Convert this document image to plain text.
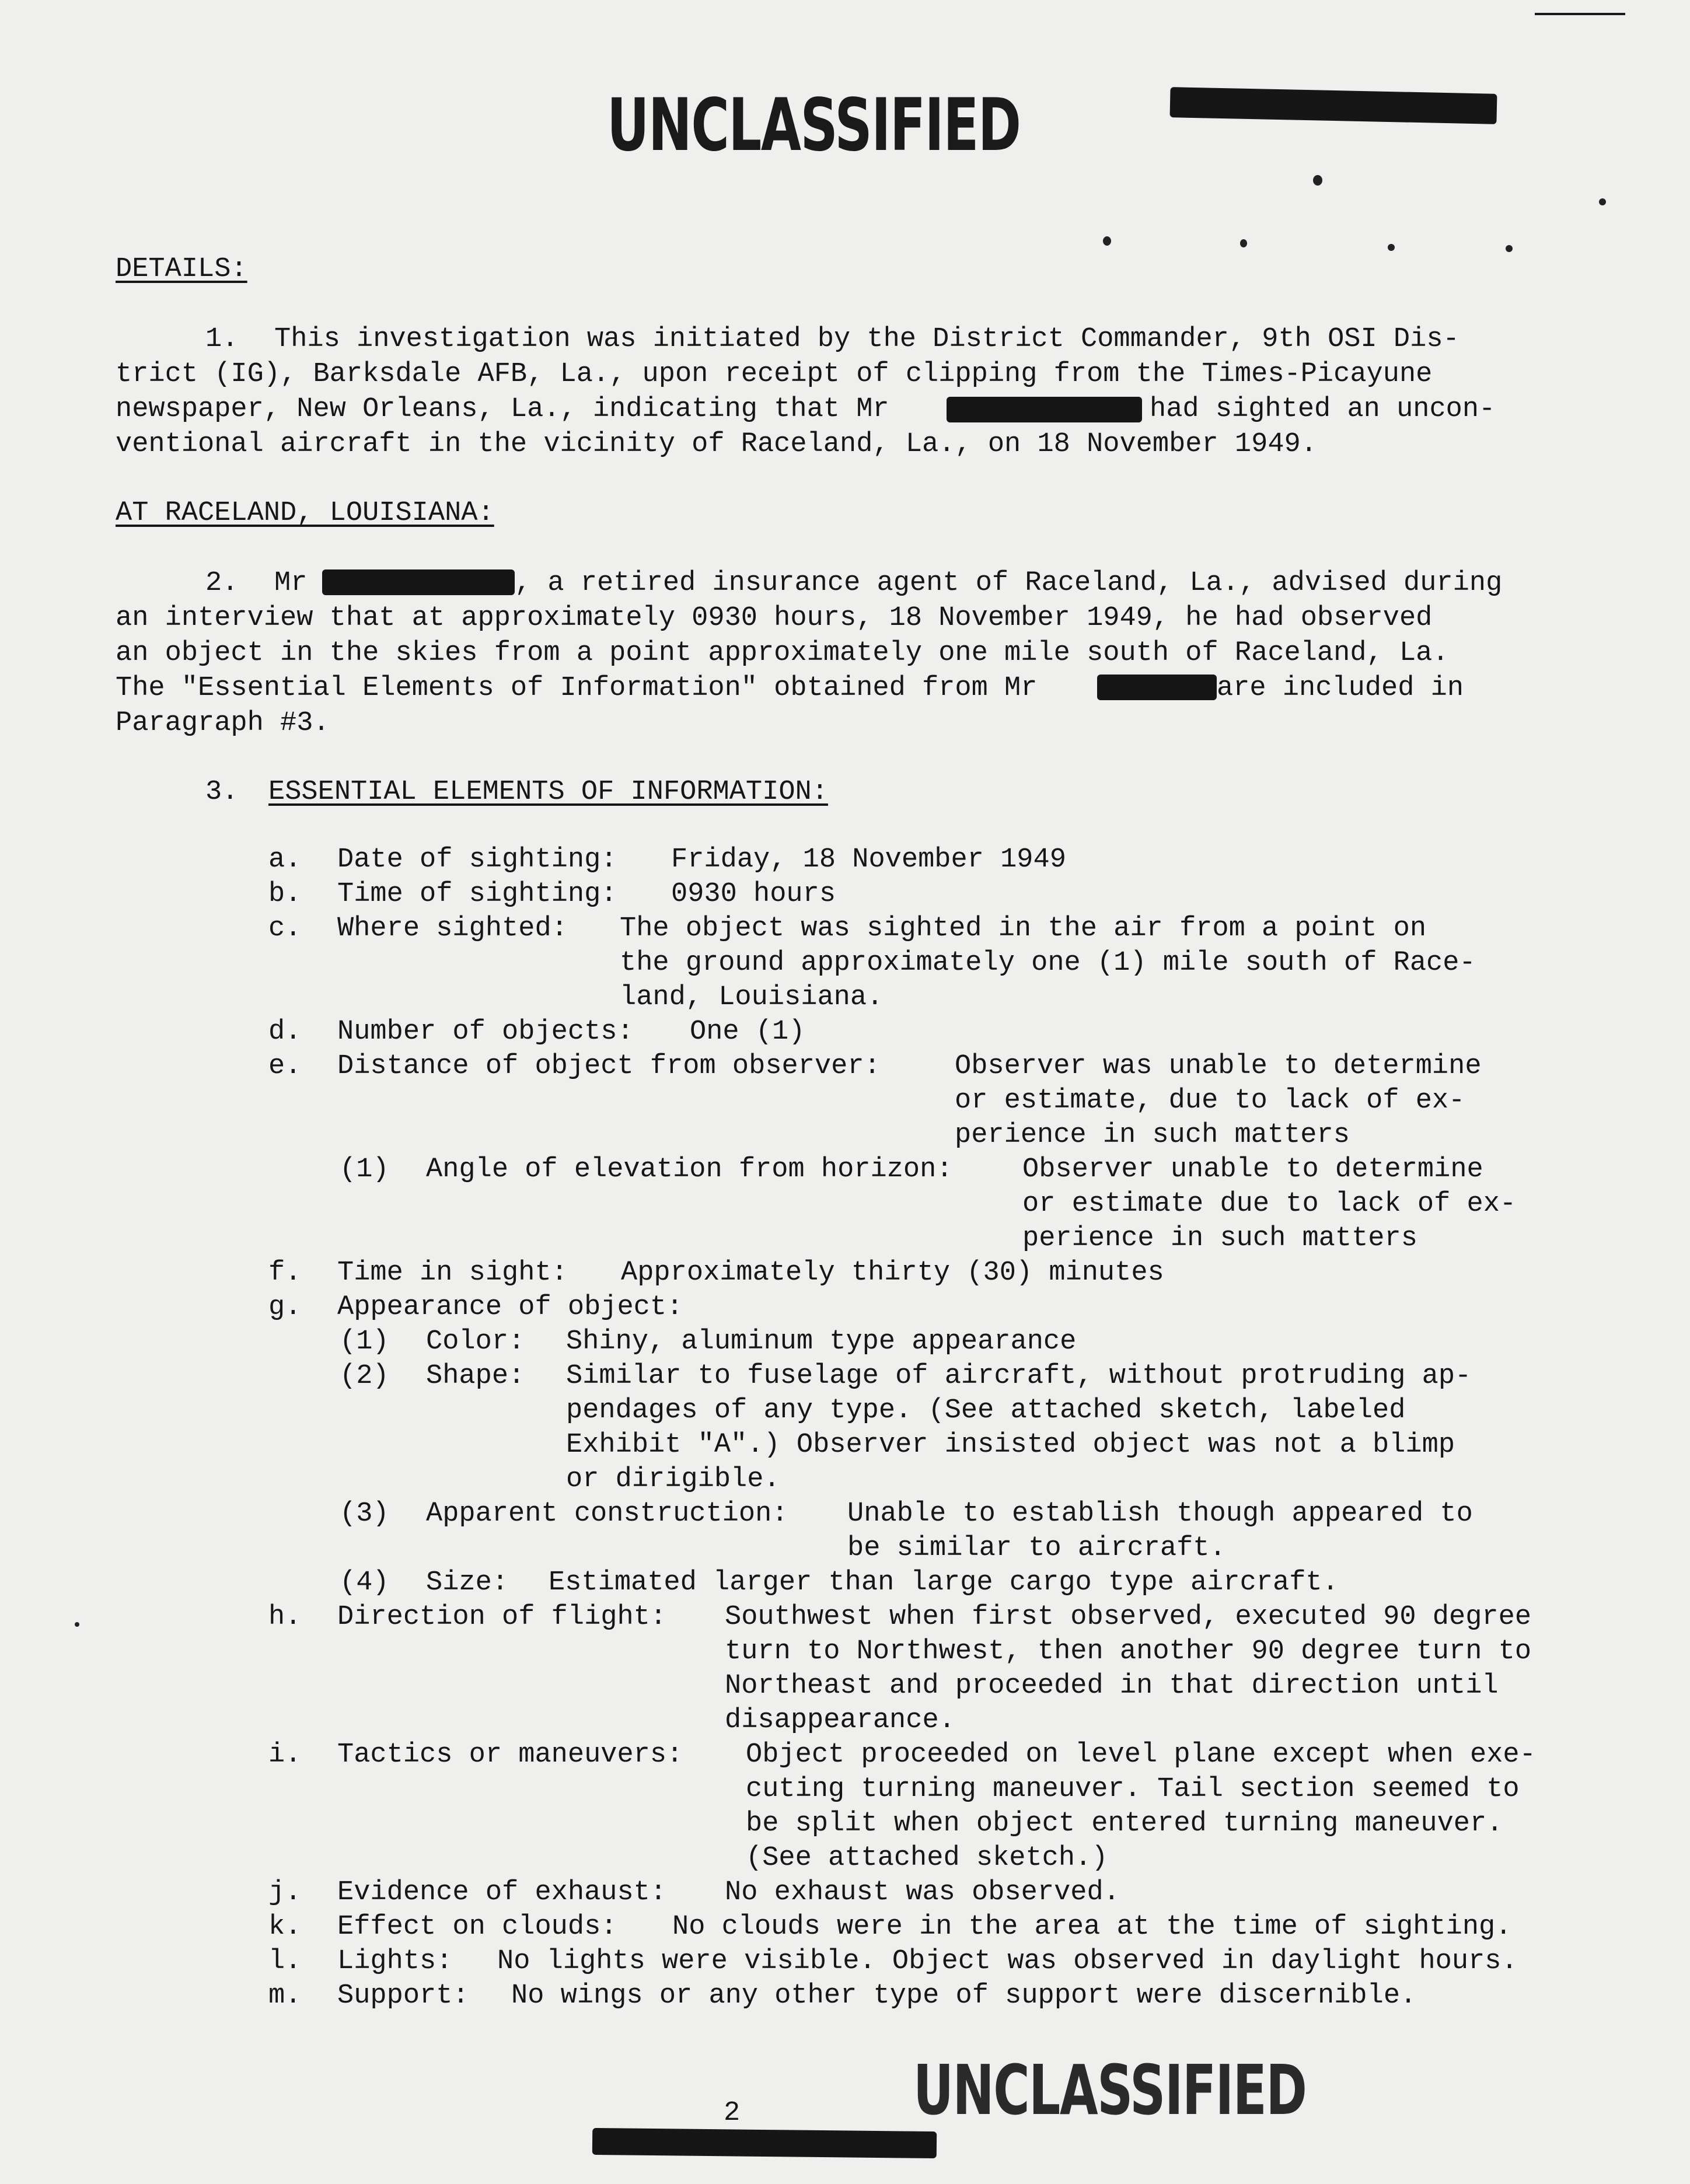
UNCLASSIFIED
DETAILS:
1. This investigation was initiated by the District Commander, 9th OSI Dis-
trict (IG), Barksdale AFB, La., upon receipt of clipping from the Times-Picayune
newspaper, New Orleans, La., indicating that Mr	had sighted an uncon-
ventional aircraft in the vicinity of Raceland, La., on 18 November 1949.
AT RACELAND, LOUISIANA:
2. Mr	, a retired insurance agent of Raceland, La., advised during
an interview that at approximately 0930 hours, 18 November 1949, he had observed
an object in the skies from a point approximately one mile south of Raceland, La.
The "Essential Elements of Information" obtained from Mr	are included in
Paragraph #3.
3. ESSENTIAL ELEMENTS OF INFORMATION:
a. Date of sighting: Friday, 18 November 1949
b. Time of sighting: 0930 hours
c. Where sighted: The object was sighted in the air from a point on
the ground approximately one (1) mile south of Race-
land, Louisiana.
d. Number of objects: One (1)
e. Distance of object from observer:	Observer was unable to determine
or estimate, due to lack of ex-
perience in such matters
(1) Angle of elevation from horizon:	Observer unable to determine
or estimate due to lack of ex-
perience in such matters
f. Time in sight: Approximately thirty (30) minutes
g. Appearance of object:
(1) Color: Shiny, aluminum type appearance
(2) Shape: Similar to fuselage of aircraft, without protruding ap-
pendages of any type. (See attached sketch, labeled
Exhibit "A".) Observer insisted object was not a blimp
or dirigible.
(3) Apparent construction: Unable to establish though appeared to
be similar to aircraft.
(4) Size: Estimated larger than large cargo type aircraft.
h. Direction of flight: Southwest when first observed, executed 90 degree
turn to Northwest, then another 90 degree turn to
Northeast and proceeded in that direction until
disappearance.
i. Tactics or maneuvers: Object proceeded on level plane except when exe-
cuting turning maneuver. Tail section seemed to
be split when object entered turning maneuver.
(See attached sketch.)
j. Evidence of exhaust: No exhaust was observed.
k. Effect on clouds: No clouds were in the area at the time of sighting.
l. Lights: No lights were visible. Object was observed in daylight hours.
m. Support: No wings or any other type of support were discernible.
UNCLASSIFIED
2
